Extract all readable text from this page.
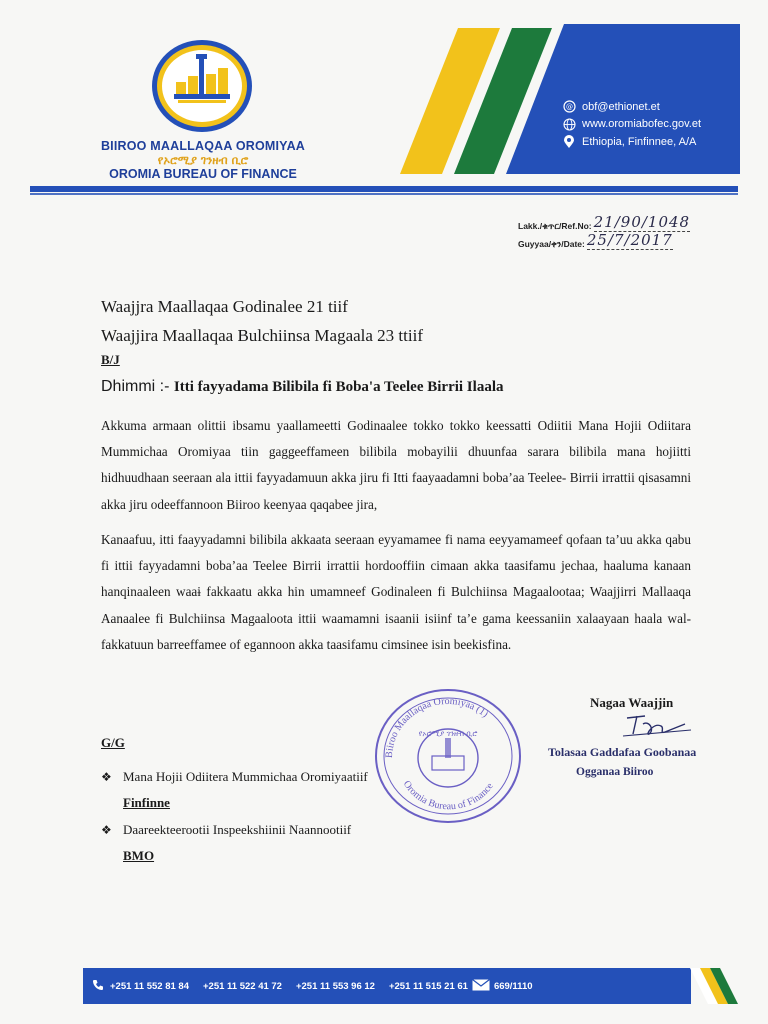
BIIROO MAALLAQAA OROMIYAA
የኦሮሚያ ገንዘብ ቢሮ
OROMIA BUREAU OF FINANCE
@ obf@ethionet.et
www.oromiabofec.gov.et
Ethiopia, Finfinnee, A/A
Lakk./ቁጥር/Ref.No: 21/90/1048
Guyyaa/ቀን/Date: 25/7/2017
Waajjra Maallaqaa Godinalee 21 tiif
Waajjira Maallaqaa Bulchiinsa Magaala 23 ttiif
B/J
Dhimmi :- Itti fayyadama Bilibila fi Boba'a Teelee Birrii Ilaala
Akkuma armaan olittii ibsamu yaallameetti Godinaalee tokko tokko keessatti Odiitii Mana Hojii Odiitara Mummichaa Oromiyaa tiin gaggeeffameen bilibila mobayilii dhuunfaa sarara bilibila mana hojiitti hidhuudhaan seeraan ala ittii fayyadamuun akka jiru fi Itti faayaadamni boba’aa Teelee- Birrii irrattii qisasamni akka jiru odeeffannoon Biiroo keenyaa qaqabee jira,
Kanaafuu, itti faayyadamni bilibila akkaata seeraan eyyamamee fi nama eeyyamameef qofaan ta’uu akka qabu fi ittii fayyadamni boba’aa Teelee Birrii irrattii hordooffiin cimaan akka taasifamu jechaa, haaluma kanaan hanqinaaleen waaɨ fakkaatu akka hin umamneef Godinaleen fi Bulchiinsa Magaalootaa; Waajjirri Mallaaqa Aanaalee fi Bulchiinsa Magaaloota ittii waamamni isaanii isiinf ta’e gama keessaniin xalaayaan haala wal-fakkatuun barreeffamee of egannoon akka taasifamu cimsinee isin beekisfina.
Biiroo Maallaqaa Oromiyaa (1)
የኦሮሚያ ገንዘብ ቢሮ
Oromia Bureau of Finance
Nagaa Waajjin
Tolasaa Gaddafaa Goobanaa
Ogganaa Biiroo
G/G
❖ Mana Hojii Odiitera Mummichaa Oromiyaatiif
Finfinne
❖ Daareekteerootii Inspeekshiinii Naannootiif
BMO
+251 11 552 81 84 +251 11 522 41 72 +251 11 553 96 12 +251 11 515 21 61	669/1110
